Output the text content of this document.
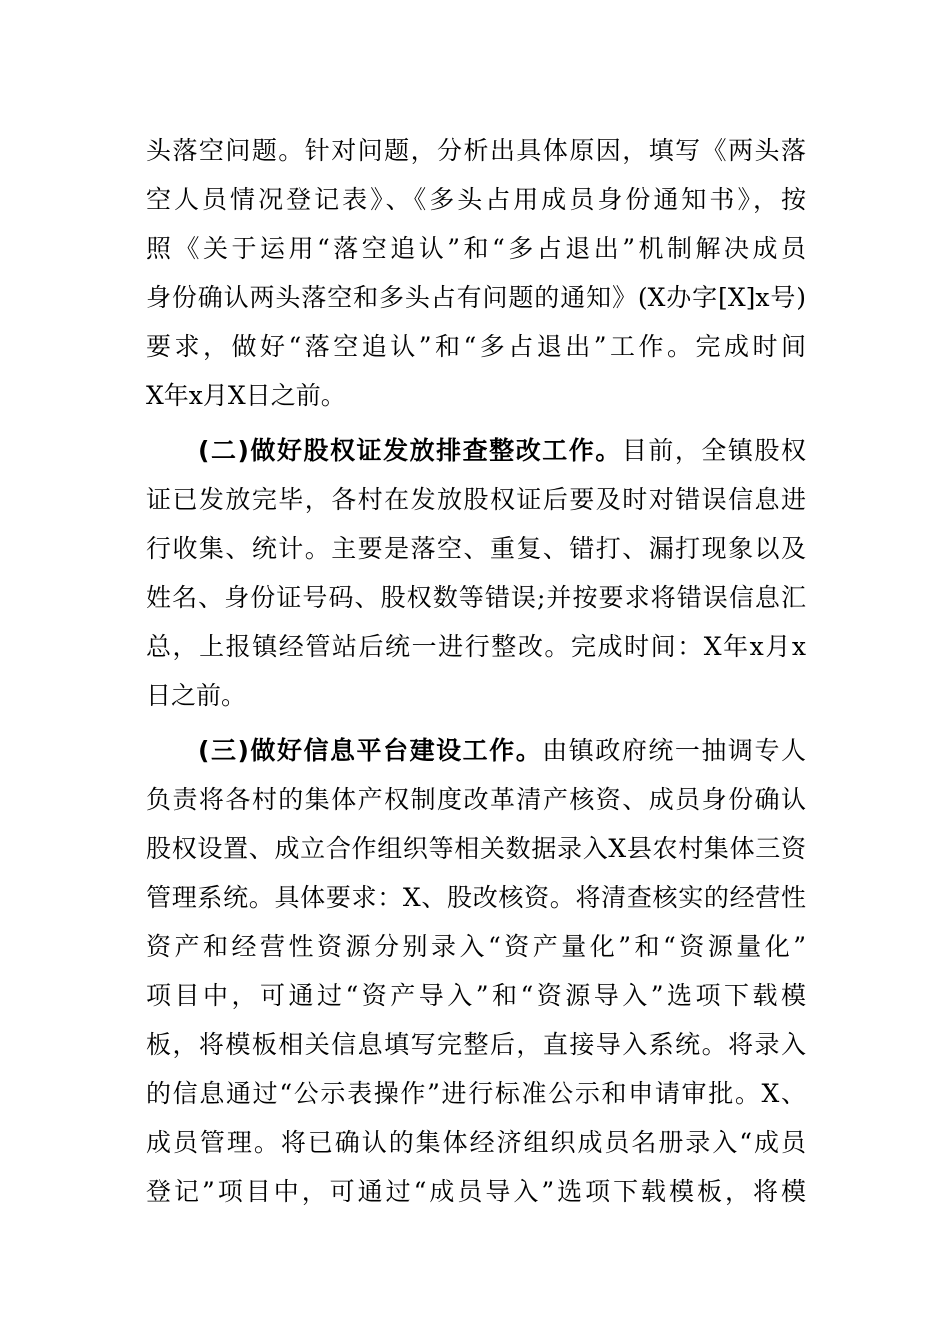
头落空问题。针对问题，分析出具体原因，填写《两头落
空人员情况登记表》、《多头占用成员身份通知书》，按
照《关于运用“落空追认”和“多占退出”机制解决成员
身份确认两头落空和多头占有问题的通知》(X办字[X]x号)
要求，做好“落空追认”和“多占退出”工作。完成时间
X年x月X日之前。
(二)做好股权证发放排查整改工作。目前，全镇股权
证已发放完毕，各村在发放股权证后要及时对错误信息进
行收集、统计。主要是落空、重复、错打、漏打现象以及
姓名、身份证号码、股权数等错误;并按要求将错误信息汇
总，上报镇经管站后统一进行整改。完成时间：X年x月x
日之前。
(三)做好信息平台建设工作。由镇政府统一抽调专人
负责将各村的集体产权制度改革清产核资、成员身份确认
股权设置、成立合作组织等相关数据录入X县农村集体三资
管理系统。具体要求：X、股改核资。将清查核实的经营性
资产和经营性资源分别录入“资产量化”和“资源量化”
项目中，可通过“资产导入”和“资源导入”选项下载模
板，将模板相关信息填写完整后，直接导入系统。将录入
的信息通过“公示表操作”进行标准公示和申请审批。X、
成员管理。将已确认的集体经济组织成员名册录入“成员
登记”项目中，可通过“成员导入”选项下载模板，将模
